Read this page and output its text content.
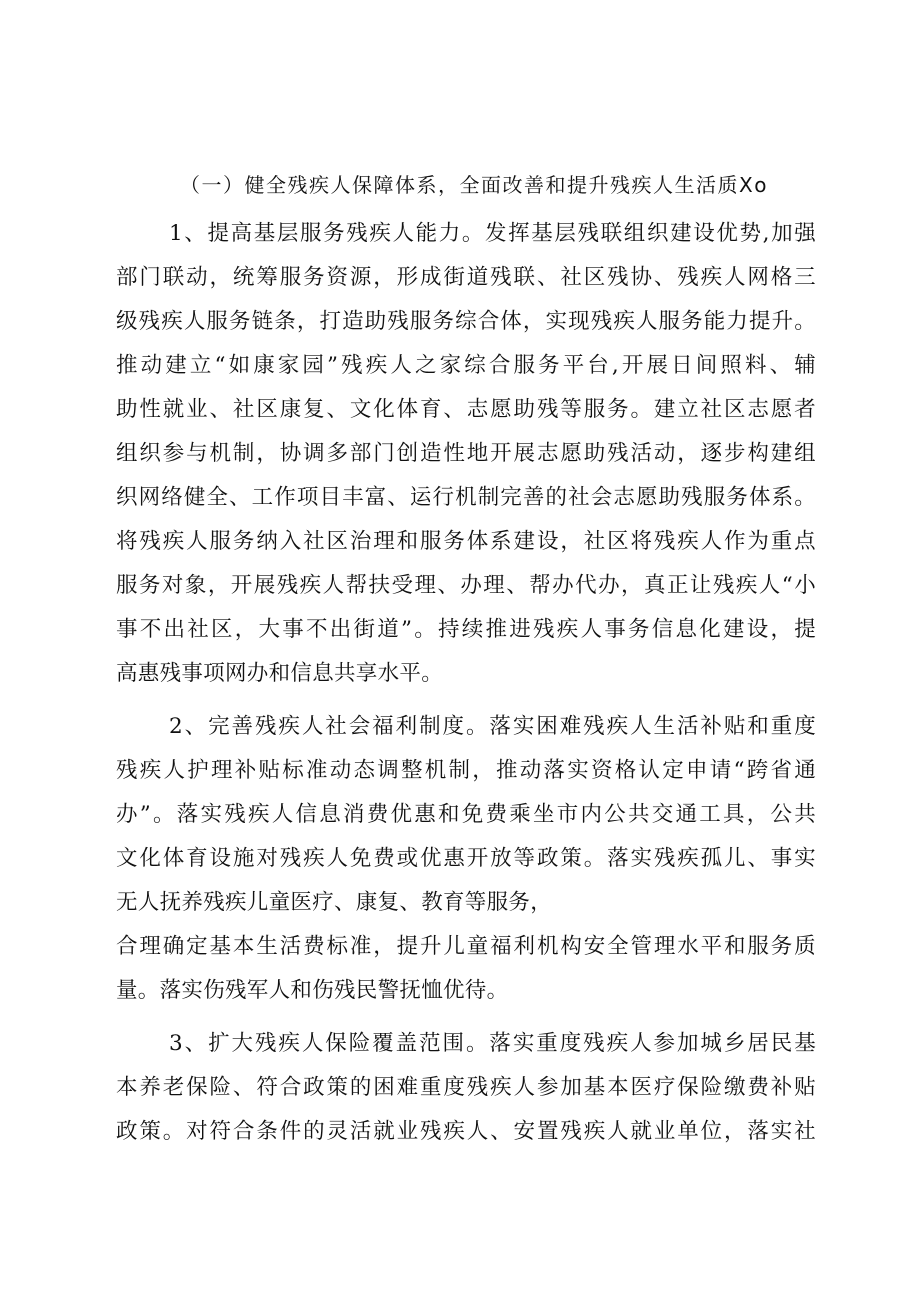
（一）健全残疾人保障体系，全面改善和提升残疾人生活质Xo
1、提高基层服务残疾人能力。发挥基层残联组织建设优势,加强
部门联动，统筹服务资源，形成街道残联、社区残协、残疾人网格三
级残疾人服务链条，打造助残服务综合体，实现残疾人服务能力提升。
推动建立“如康家园”残疾人之家综合服务平台,开展日间照料、辅
助性就业、社区康复、文化体育、志愿助残等服务。建立社区志愿者
组织参与机制，协调多部门创造性地开展志愿助残活动，逐步构建组
织网络健全、工作项目丰富、运行机制完善的社会志愿助残服务体系。
将残疾人服务纳入社区治理和服务体系建设，社区将残疾人作为重点
服务对象，开展残疾人帮扶受理、办理、帮办代办，真正让残疾人“小
事不出社区，大事不出街道”。持续推进残疾人事务信息化建设，提
高惠残事项网办和信息共享水平。
2、完善残疾人社会福利制度。落实困难残疾人生活补贴和重度
残疾人护理补贴标准动态调整机制，推动落实资格认定申请“跨省通
办”。落实残疾人信息消费优惠和免费乘坐市内公共交通工具，公共
文化体育设施对残疾人免费或优惠开放等政策。落实残疾孤儿、事实
无人抚养残疾儿童医疗、康复、教育等服务，
合理确定基本生活费标准，提升儿童福利机构安全管理水平和服务质
量。落实伤残军人和伤残民警抚恤优待。
3、扩大残疾人保险覆盖范围。落实重度残疾人参加城乡居民基
本养老保险、符合政策的困难重度残疾人参加基本医疗保险缴费补贴
政策。对符合条件的灵活就业残疾人、安置残疾人就业单位，落实社
